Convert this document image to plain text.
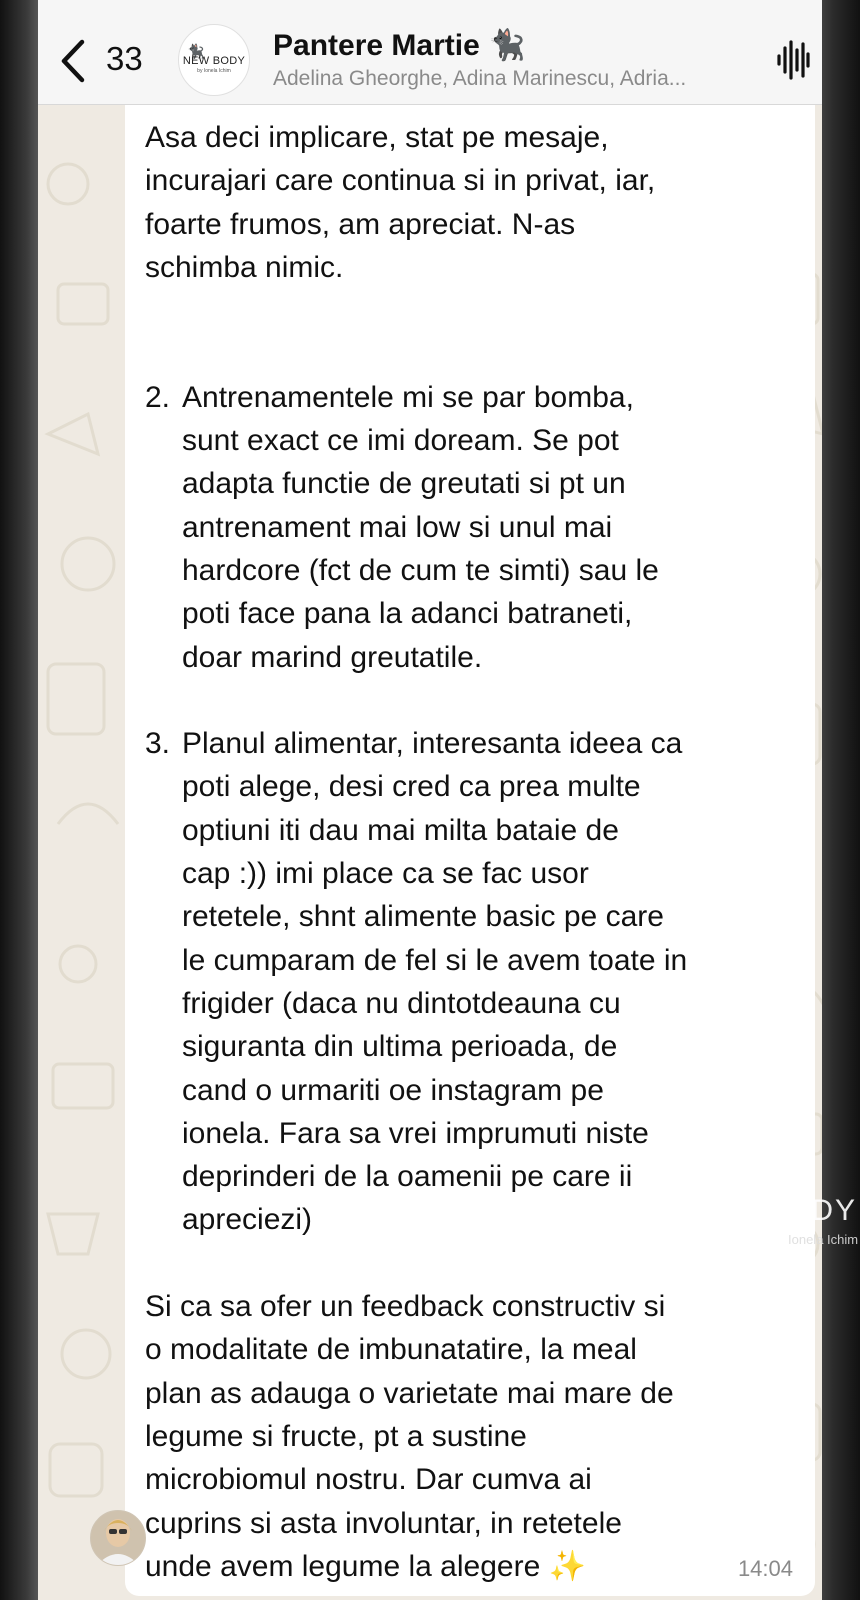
33	🐈‍⬛
NEW BODY
by Ionela Ichim
Pantere Martie 🐈‍⬛
Adelina Gheorghe, Adina Marinescu, Adria...

Asa deci implicare, stat pe mesaje,

incurajari care continua si in privat, iar,

foarte frumos, am apreciat. N-as

schimba nimic.

2. Antrenamentele mi se par bomba,

sunt exact ce imi doream. Se pot

adapta functie de greutati si pt un

antrenament mai low si unul mai

hardcore (fct de cum te simti) sau le

poti face pana la adanci batraneti,

doar marind greutatile.

3. Planul alimentar, interesanta ideea ca

poti alege, desi cred ca prea multe

optiuni iti dau mai milta bataie de

cap :)) imi place ca se fac usor

retetele, shnt alimente basic pe care

le cumparam de fel si le avem toate in

frigider (daca nu dintotdeauna cu

siguranta din ultima perioada, de

cand o urmariti oe instagram pe

ionela. Fara sa vrei imprumuti niste

deprinderi de la oamenii pe care ii

apreciezi)

Si ca sa ofer un feedback constructiv si

o modalitate de imbunatatire, la meal

plan as adauga o varietate mai mare de

legume si fructe, pt a sustine

microbiomul nostru. Dar cumva ai

cuprins si asta involuntar, in retetele

unde avem legume la alegere ✨	14:04
BODY
Ionela Ichim
